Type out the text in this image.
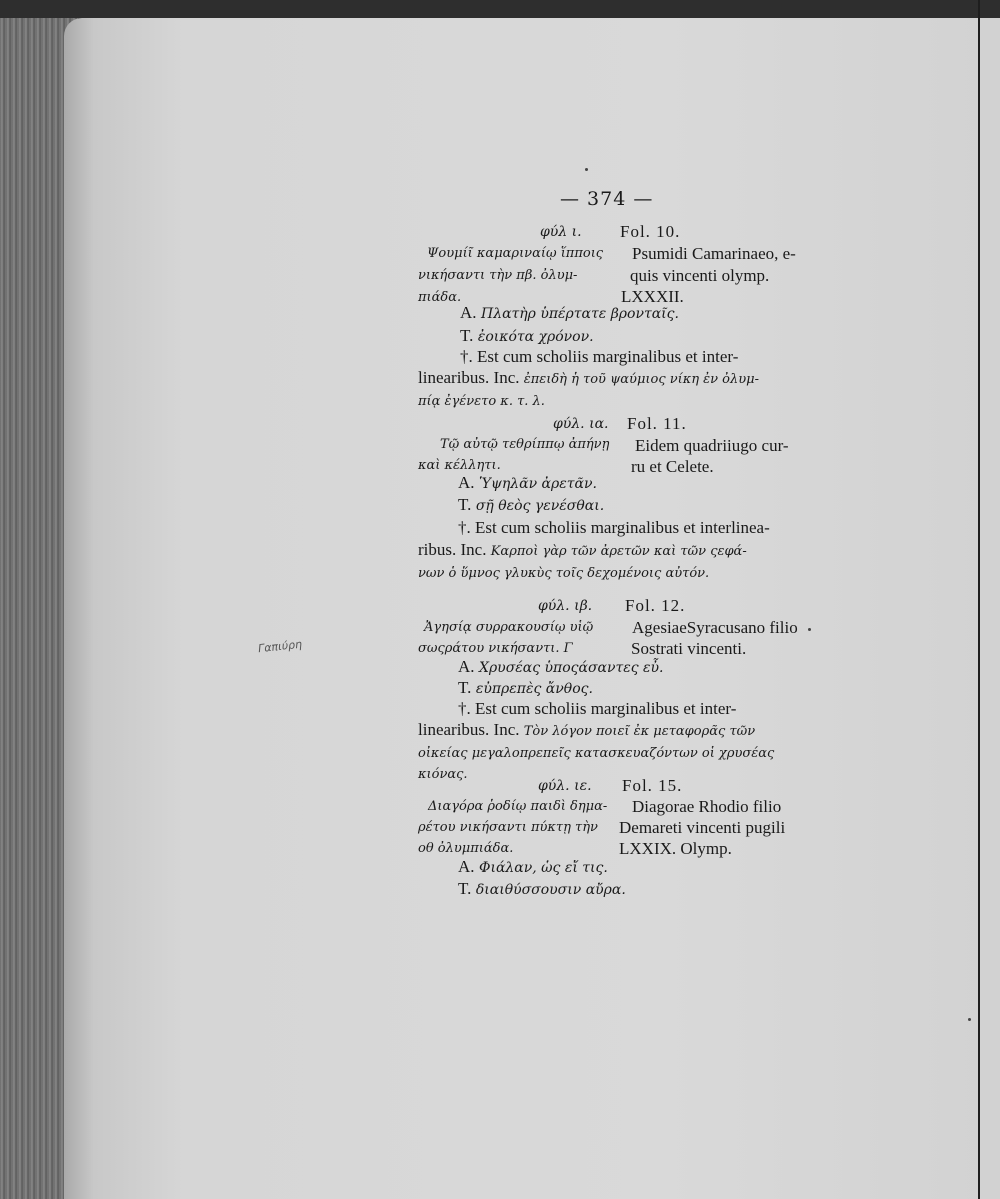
— 374 —
φύλ ι. Fol. 10.
Ψουμίῖ καμαριναίῳ ἵπποις
νικήσαντι τὴν πβ. ὀλυμ-
πιάδα.
Psumidi Camarinaeo, e-
quis vincenti olymp.
LXXXII.
A. Πλατὴρ ὑπέρτατε βρονταῖς.
T. ἐοικότα χρόνον.
†. Est cum scholiis marginalibus et inter-
linearibus. Inc. ἐπειδὴ ἡ τοῦ ψαύμιος νίκη ἐν ὀλυμ-
πίᾳ ἐγένετο κ. τ. λ.
φύλ. ια. Fol. 11.
Τῷ αὐτῷ τεθρίππῳ ἀπήνῃ
καὶ κέλλητι.
Eidem quadriiugo cur-
ru et Celete.
A. Ὑψηλᾶν ἀρετᾶν.
T. σῇ θεὸς γενέσθαι.
†. Est cum scholiis marginalibus et interlinea-
ribus. Inc. Καρποὶ γὰρ τῶν ἀρετῶν καὶ τῶν ςεφά-
νων ὁ ὕμνος γλυκὺς τοῖς δεχομένοις αὐτόν.
Γαπιύρη
φύλ. ιβ. Fol. 12.
Ἀγησίᾳ συρρακουσίῳ υἱῷ
σωςράτου νικήσαντι. Γ
AgesiaeSyracusano filio
Sostrati vincenti.
A. Χρυσέας ὑποςάσαντες εὖ.
T. εὐπρεπὲς ἄνθος.
†. Est cum scholiis marginalibus et inter-
linearibus. Inc. Τὸν λόγον ποιεῖ ἐκ μεταφορᾶς τῶν
οἰκείας μεγαλοπρεπεῖς κατασκευαζόντων οἱ χρυσέας
κιόνας.
φύλ. ιε. Fol. 15.
Διαγόρα ῥοδίῳ παιδὶ δημα-
ρέτου νικήσαντι πύκτῃ τὴν
οθ ὀλυμπιάδα.
Diagorae Rhodio filio
Demareti vincenti pugili
LXXIX. Olymp.
A. Φιάλαν, ὡς εἴ τις.
T. διαιθύσσουσιν αὔρα.
